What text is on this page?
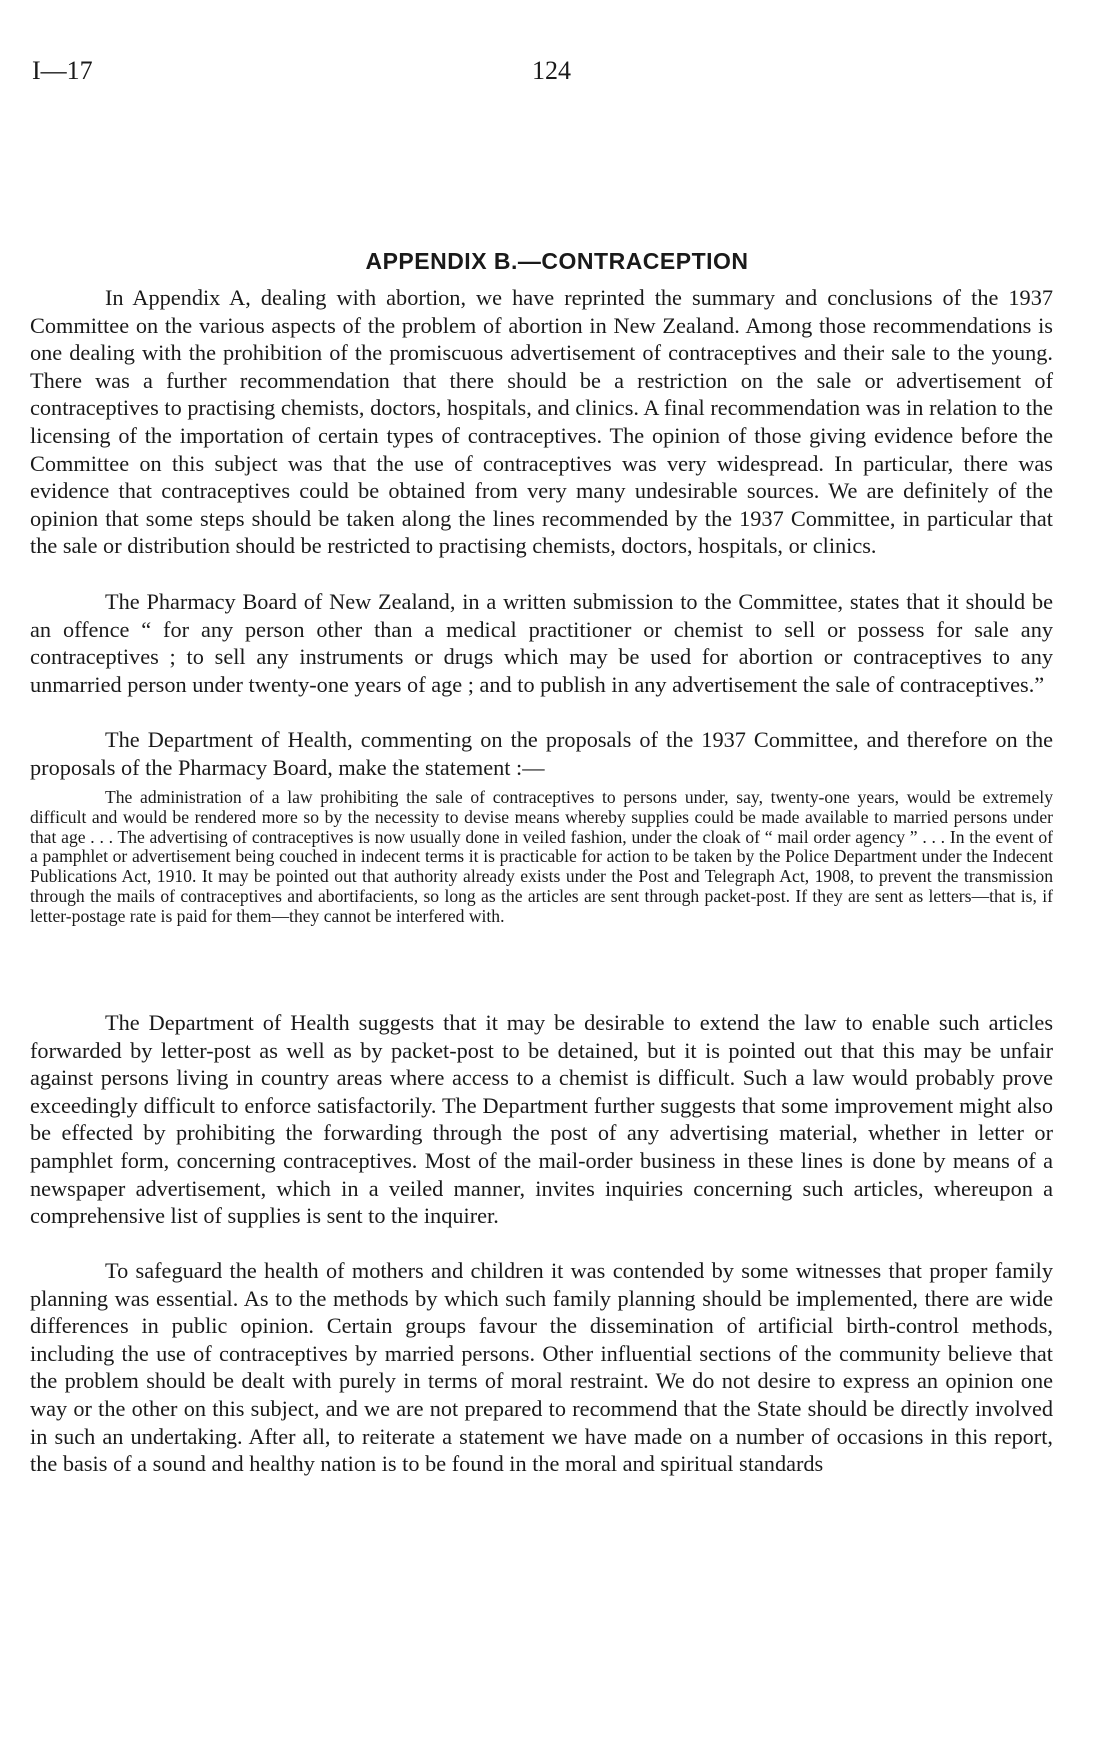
I—17	124
APPENDIX B.—CONTRACEPTION

In Appendix A, dealing with abortion, we have reprinted the summary and conclusions of the 1937 Committee on the various aspects of the problem of abortion in New Zealand. Among those recommendations is one dealing with the prohibition of the promiscuous advertisement of contraceptives and their sale to the young. There was a further recommendation that there should be a restriction on the sale or advertisement of contraceptives to practising chemists, doctors, hospitals, and clinics. A final recommendation was in relation to the licensing of the importation of certain types of contraceptives. The opinion of those giving evidence before the Committee on this subject was that the use of contraceptives was very widespread. In particular, there was evidence that contraceptives could be obtained from very many undesirable sources. We are definitely of the opinion that some steps should be taken along the lines recommended by the 1937 Committee, in particular that the sale or distribution should be restricted to practising chemists, doctors, hospitals, or clinics.

The Pharmacy Board of New Zealand, in a written submission to the Committee, states that it should be an offence “ for any person other than a medical practitioner or chemist to sell or possess for sale any contraceptives ; to sell any instruments or drugs which may be used for abortion or contraceptives to any unmarried person under twenty-one years of age ; and to publish in any advertisement the sale of contraceptives.”

The Department of Health, commenting on the proposals of the 1937 Committee, and therefore on the proposals of the Pharmacy Board, make the statement :—

The administration of a law prohibiting the sale of contraceptives to persons under, say, twenty-one years, would be extremely difficult and would be rendered more so by the necessity to devise means whereby supplies could be made available to married persons under that age . . . The advertising of contraceptives is now usually done in veiled fashion, under the cloak of “ mail order agency ” . . . In the event of a pamphlet or advertisement being couched in indecent terms it is practicable for action to be taken by the Police Department under the Indecent Publications Act, 1910. It may be pointed out that authority already exists under the Post and Telegraph Act, 1908, to prevent the transmission through the mails of contraceptives and abortifacients, so long as the articles are sent through packet-post. If they are sent as letters—that is, if letter-postage rate is paid for them—they cannot be interfered with.

The Department of Health suggests that it may be desirable to extend the law to enable such articles forwarded by letter-post as well as by packet-post to be detained, but it is pointed out that this may be unfair against persons living in country areas where access to a chemist is difficult. Such a law would probably prove exceedingly difficult to enforce satisfactorily. The Department further suggests that some improvement might also be effected by prohibiting the forwarding through the post of any advertising material, whether in letter or pamphlet form, concerning contraceptives. Most of the mail-order business in these lines is done by means of a newspaper advertisement, which in a veiled manner, invites inquiries concerning such articles, whereupon a comprehensive list of supplies is sent to the inquirer.

To safeguard the health of mothers and children it was contended by some witnesses that proper family planning was essential. As to the methods by which such family planning should be implemented, there are wide differences in public opinion. Certain groups favour the dissemination of artificial birth-control methods, including the use of contraceptives by married persons. Other influential sections of the community believe that the problem should be dealt with purely in terms of moral restraint. We do not desire to express an opinion one way or the other on this subject, and we are not prepared to recommend that the State should be directly involved in such an undertaking. After all, to reiterate a statement we have made on a number of occasions in this report, the basis of a sound and healthy nation is to be found in the moral and spiritual standards
